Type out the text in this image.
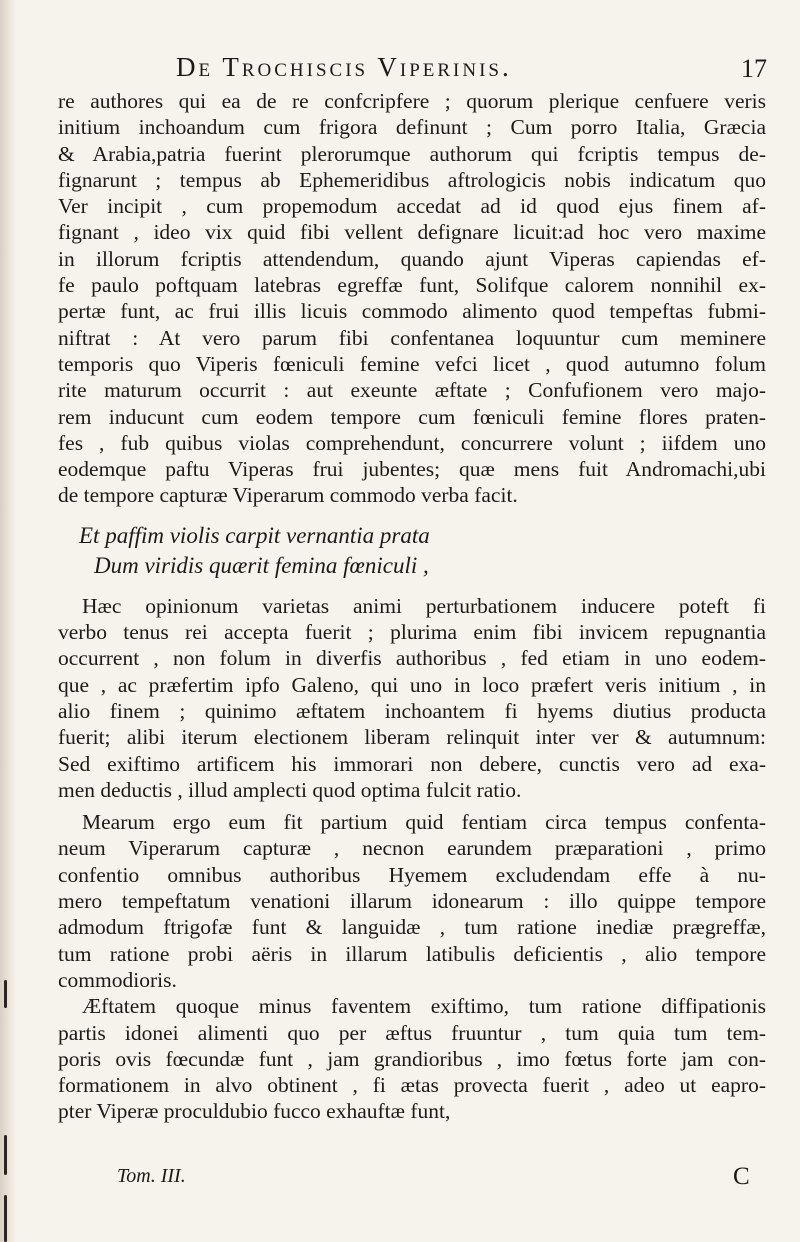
De Trochiscis Viperinis.	17
re authores qui ea de re confcripfere ; quorum plerique cenfuere veris
initium inchoandum cum frigora definunt ; Cum porro Italia, Græcia
& Arabia,patria fuerint plerorumque authorum qui fcriptis tempus de-
fignarunt ; tempus ab Ephemeridibus aftrologicis nobis indicatum quo
Ver incipit , cum propemodum accedat ad id quod ejus finem af-
fignant , ideo vix quid fibi vellent defignare licuit:ad hoc vero maxime
in illorum fcriptis attendendum, quando ajunt Viperas capiendas ef-
fe paulo poftquam latebras egreffæ funt, Solifque calorem nonnihil ex-
pertæ funt, ac frui illis licuis commodo alimento quod tempeftas fubmi-
niftrat : At vero parum fibi confentanea loquuntur cum meminere
temporis quo Viperis fœniculi femine vefci licet , quod autumno folum
rite maturum occurrit : aut exeunte æftate ; Confufionem vero majo-
rem inducunt cum eodem tempore cum fœniculi femine flores praten-
fes , fub quibus violas comprehendunt, concurrere volunt ; iifdem uno
eodemque paftu Viperas frui jubentes; quæ mens fuit Andromachi,ubi
de tempore capturæ Viperarum commodo verba facit.
Et paffim violis carpit vernantia prata
Dum viridis quærit femina fœniculi ,
Hæc opinionum varietas animi perturbationem inducere poteft fi
verbo tenus rei accepta fuerit ; plurima enim fibi invicem repugnantia
occurrent , non folum in diverfis authoribus , fed etiam in uno eodem-
que , ac præfertim ipfo Galeno, qui uno in loco præfert veris initium , in
alio finem ; quinimo æftatem inchoantem fi hyems diutius producta
fuerit; alibi iterum electionem liberam relinquit inter ver & autumnum:
Sed exiftimo artificem his immorari non debere, cunctis vero ad exa-
men deductis , illud amplecti quod optima fulcit ratio.
Mearum ergo eum fit partium quid fentiam circa tempus confenta-
neum Viperarum capturæ , necnon earundem præparationi , primo
confentio omnibus authoribus Hyemem excludendam effe à nu-
mero tempeftatum venationi illarum idonearum : illo quippe tempore
admodum ftrigofæ funt & languidæ , tum ratione inediæ prægreffæ,
tum ratione probi aëris in illarum latibulis deficientis , alio tempore
commodioris.
Æftatem quoque minus faventem exiftimo, tum ratione diffipationis
partis idonei alimenti quo per æftus fruuntur , tum quia tum tem-
poris ovis fœcundæ funt , jam grandioribus , imo fœtus forte jam con-
formationem in alvo obtinent , fi ætas provecta fuerit , adeo ut eapro-
pter Viperæ proculdubio fucco exhauftæ funt,
Tom. III.	C
